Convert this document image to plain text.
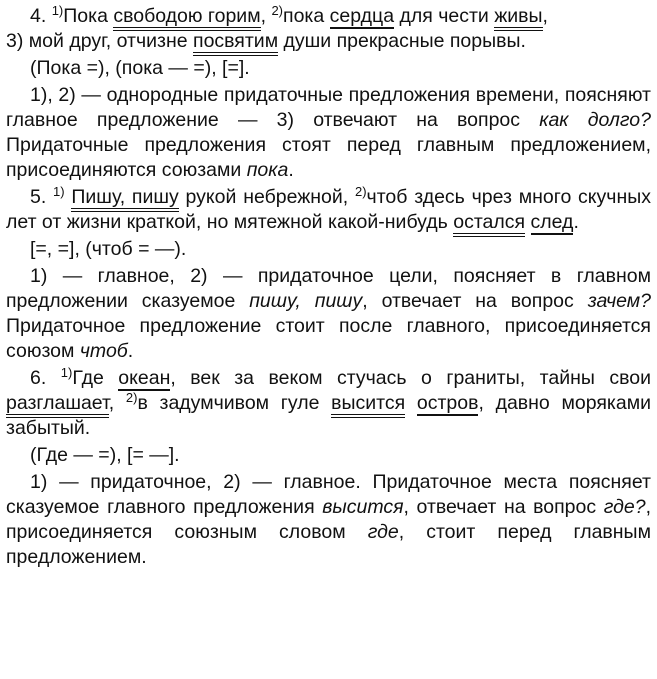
4. $^{1)}$Пока свободою горим, $^{2)}$пока сердца для чести живы,
3) мой друг, отчизне посвятим души прекрасные порывы.

(Пока =), (пока — =), [=].

1), 2) — однородные придаточные предложения времени, поясняют главное предложение — 3) отвечают на вопрос как долго? Придаточные предложения стоят перед главным предложением, присоединяются союзами пока.

5. $^{1)}$ Пишу, пишу рукой небрежной, $^{2)}$чтоб здесь чрез много скучных лет от жизни краткой, но мятежной какой-нибудь остался след.

[=, =], (чтоб = —).

1) — главное, 2) — придаточное цели, поясняет в главном предложении сказуемое пишу, пишу, отвечает на вопрос зачем? Придаточное предложение стоит после главного, присоединяется союзом чтоб.

6. $^{1)}$Где океан, век за веком стучась о граниты, тайны свои разглашает, $^{2)}$в задумчивом гуле высится остров, давно моряками забытый.

(Где — =), [= —].

1) — придаточное, 2) — главное. Придаточное места поясняет сказуемое главного предложения высится, отвечает на вопрос где?, присоединяется союзным словом где, стоит перед главным предложением.
